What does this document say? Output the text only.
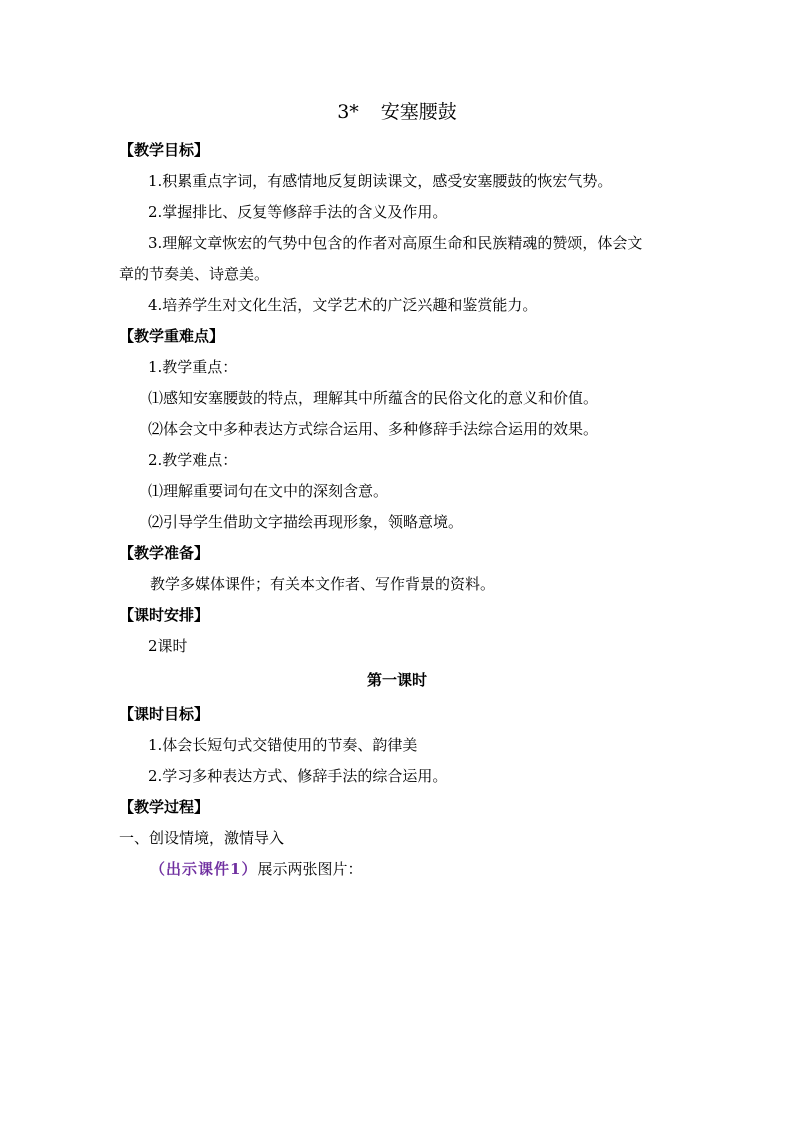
3* 安塞腰鼓
【教学目标】
1.积累重点字词，有感情地反复朗读课文，感受安塞腰鼓的恢宏气势。
2.掌握排比、反复等修辞手法的含义及作用。
3.理解文章恢宏的气势中包含的作者对高原生命和民族精魂的赞颂，体会文
章的节奏美、诗意美。
4.培养学生对文化生活，文学艺术的广泛兴趣和鉴赏能力。
【教学重难点】
1.教学重点：
⑴感知安塞腰鼓的特点，理解其中所蕴含的民俗文化的意义和价值。
⑵体会文中多种表达方式综合运用、多种修辞手法综合运用的效果。
2.教学难点：
⑴理解重要词句在文中的深刻含意。
⑵引导学生借助文字描绘再现形象，领略意境。
【教学准备】
教学多媒体课件；有关本文作者、写作背景的资料。
【课时安排】
2课时
第一课时
【课时目标】
1.体会长短句式交错使用的节奏、韵律美
2.学习多种表达方式、修辞手法的综合运用。
【教学过程】
一、创设情境，激情导入
（出示课件1）展示两张图片：
